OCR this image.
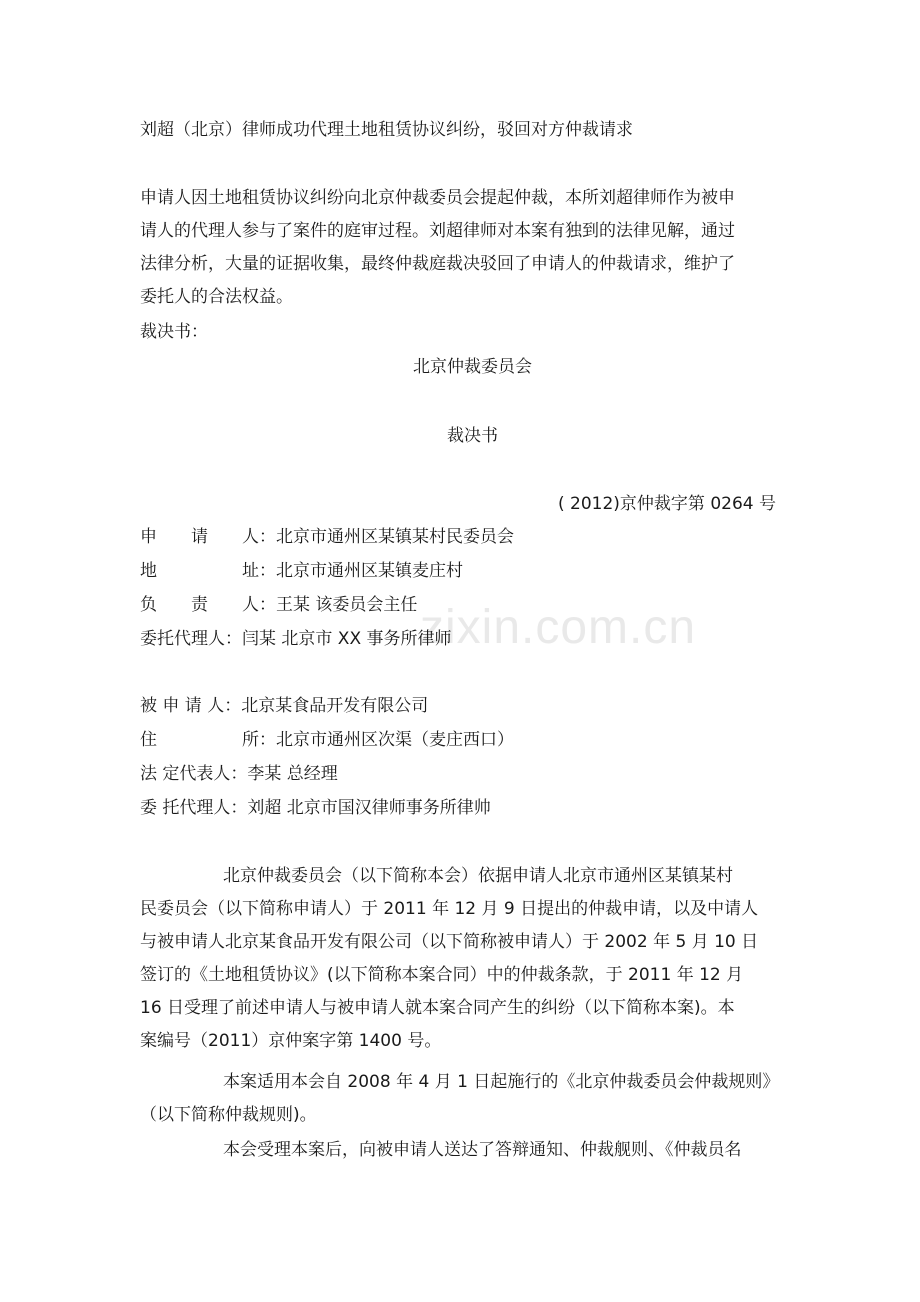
zixin.com.cn
刘超（北京）律师成功代理土地租赁协议纠纷，驳回对方仲裁请求
申请人因土地租赁协议纠纷向北京仲裁委员会提起仲裁，本所刘超律师作为被申
请人的代理人参与了案件的庭审过程。刘超律师对本案有独到的法律见解，通过
法律分析，大量的证据收集，最终仲裁庭裁决驳回了申请人的仲裁请求，维护了
委托人的合法权益。
裁决书：
北京仲裁委员会
裁决书
( 2012)京仲裁字第 0264 号
申　　请　　人：北京市通州区某镇某村民委员会
地　　　　　址：北京市通州区某镇麦庄村
负　　责　　人：王某 该委员会主任
委托代理人：闫某 北京市 XX 事务所律师
被 申 请 人：北京某食品开发有限公司
住　　　　　所：北京市通州区次渠（麦庄西口）
法 定代表人：李某 总经理
委 托代理人：刘超 北京市国汉律师事务所律帅
北京仲裁委员会（以下简称本会）依据申请人北京市通州区某镇某村
民委员会（以下简称申请人）于 2011 年 12 月 9 日提出的仲裁申请，以及中请人
与被申请人北京某食品开发有限公司（以下简称被申请人）于 2002 年 5 月 10 日
签订的《土地租赁协议》(以下简称本案合同）中的仲裁条款，于 2011 年 12 月
16 日受理了前述申请人与被申请人就本案合同产生的纠纷（以下简称本案)。本
案编号（2011）京仲案字第 1400 号。
本案适用本会自 2008 年 4 月 1 日起施行的《北京仲裁委员会仲裁规则》
（以下简称仲裁规则)。
本会受理本案后，向被申请人送达了答辩通知、仲裁舰则、《仲裁员名
